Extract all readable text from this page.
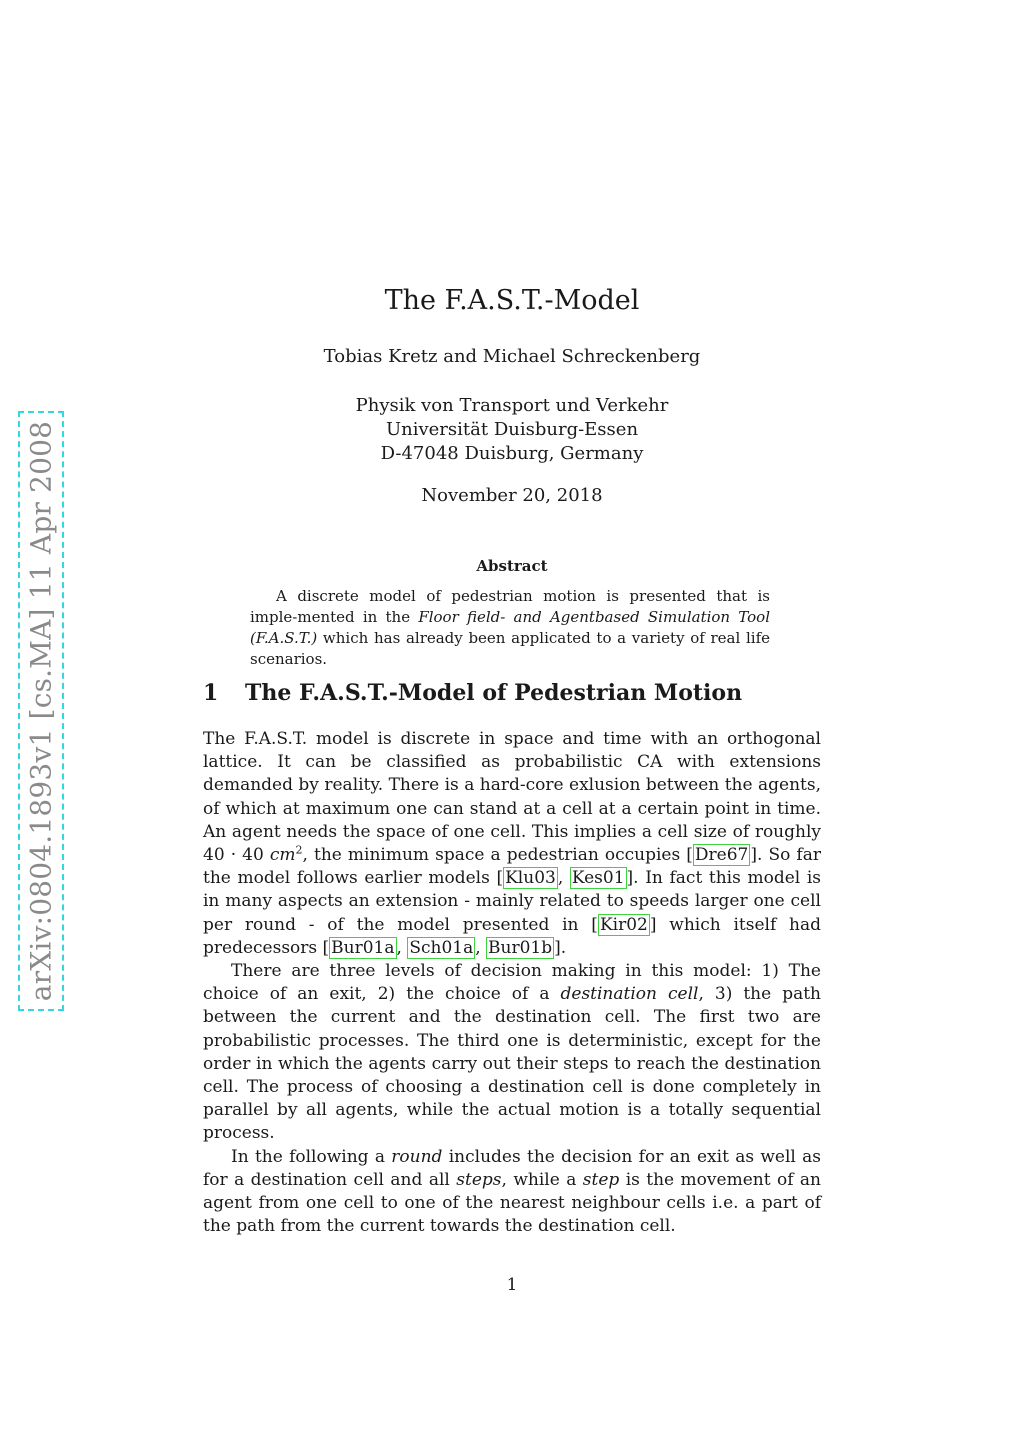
arXiv:0804.1893v1 [cs.MA] 11 Apr 2008
The F.A.S.T.-Model
Tobias Kretz and Michael Schreckenberg
Physik von Transport und Verkehr
Universität Duisburg-Essen
D-47048 Duisburg, Germany
November 20, 2018
Abstract
A discrete model of pedestrian motion is presented that is imple-mented in the Floor field- and Agentbased Simulation Tool (F.A.S.T.) which has already been applicated to a variety of real life scenarios.
1 The F.A.S.T.-Model of Pedestrian Motion

The F.A.S.T. model is discrete in space and time with an orthogonal lattice. It can be classified as probabilistic CA with extensions demanded by reality. There is a hard-core exlusion between the agents, of which at maximum one can stand at a cell at a certain point in time. An agent needs the space of one cell. This implies a cell size of roughly 40 · 40 $cm^2$, the minimum space a pedestrian occupies [ Dre67 ]. So far the model follows earlier models [ Klu03 , Kes01 ]. In fact this model is in many aspects an extension - mainly related to speeds larger one cell per round - of the model presented in [ Kir02 ] which itself had predecessors [ Bur01a , Sch01a , Bur01b ].

There are three levels of decision making in this model: 1) The choice of an exit, 2) the choice of a destination cell, 3) the path between the current and the destination cell. The first two are probabilistic processes. The third one is deterministic, except for the order in which the agents carry out their steps to reach the destination cell. The process of choosing a destination cell is done completely in parallel by all agents, while the actual motion is a totally sequential process.

In the following a round includes the decision for an exit as well as for a destination cell and all steps, while a step is the movement of an agent from one cell to one of the nearest neighbour cells i.e. a part of the path from the current towards the destination cell.

1
